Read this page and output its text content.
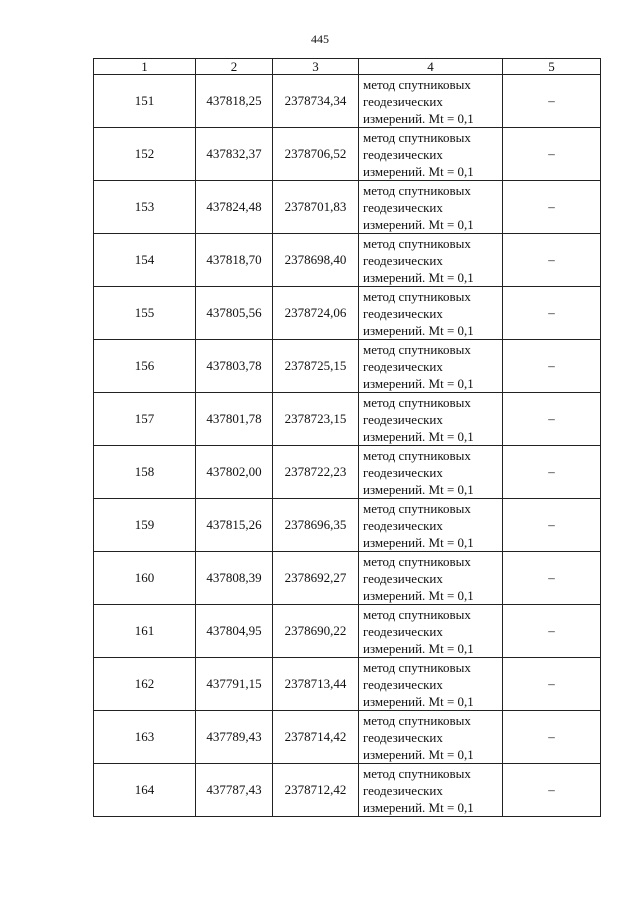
445
1	2	3	4	5
151	437818,25	2378734,34	метод спутниковых
геодезических
измерений. Mt = 0,1	–
152	437832,37	2378706,52	метод спутниковых
геодезических
измерений. Mt = 0,1	–
153	437824,48	2378701,83	метод спутниковых
геодезических
измерений. Mt = 0,1	–
154	437818,70	2378698,40	метод спутниковых
геодезических
измерений. Mt = 0,1	–
155	437805,56	2378724,06	метод спутниковых
геодезических
измерений. Mt = 0,1	–
156	437803,78	2378725,15	метод спутниковых
геодезических
измерений. Mt = 0,1	–
157	437801,78	2378723,15	метод спутниковых
геодезических
измерений. Mt = 0,1	–
158	437802,00	2378722,23	метод спутниковых
геодезических
измерений. Mt = 0,1	–
159	437815,26	2378696,35	метод спутниковых
геодезических
измерений. Mt = 0,1	–
160	437808,39	2378692,27	метод спутниковых
геодезических
измерений. Mt = 0,1	–
161	437804,95	2378690,22	метод спутниковых
геодезических
измерений. Mt = 0,1	–
162	437791,15	2378713,44	метод спутниковых
геодезических
измерений. Mt = 0,1	–
163	437789,43	2378714,42	метод спутниковых
геодезических
измерений. Mt = 0,1	–
164	437787,43	2378712,42	метод спутниковых
геодезических
измерений. Mt = 0,1	–
